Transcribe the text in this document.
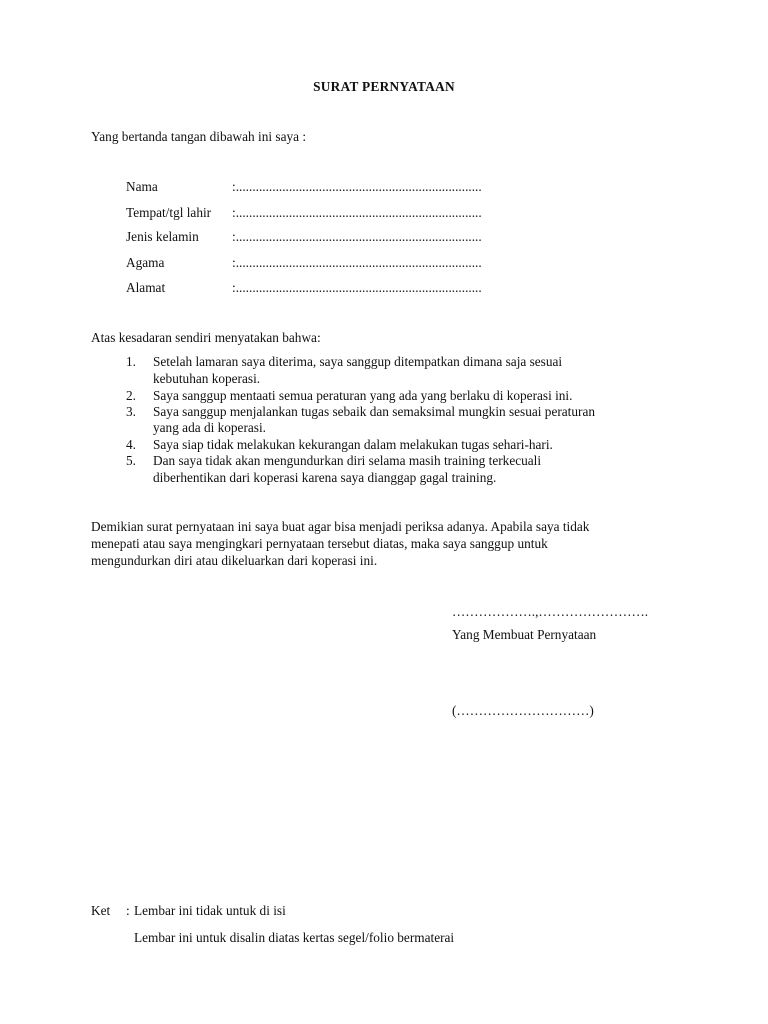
SURAT PERNYATAAN
Yang bertanda tangan dibawah ini saya :
Nama	:..........................................................................
Tempat/tgl lahir :..........................................................................
Jenis kelamin	:..........................................................................
Agama	:..........................................................................
Alamat	:..........................................................................
Atas kesadaran sendiri menyatakan bahwa:
1. Setelah lamaran saya diterima, saya sanggup ditempatkan dimana saja sesuai
kebutuhan koperasi.
2. Saya sanggup mentaati semua peraturan yang ada yang berlaku di koperasi ini.
3. Saya sanggup menjalankan tugas sebaik dan semaksimal mungkin sesuai peraturan
yang ada di koperasi.
4. Saya siap tidak melakukan kekurangan dalam melakukan tugas sehari-hari.
5. Dan saya tidak akan mengundurkan diri selama masih training terkecuali
diberhentikan dari koperasi karena saya dianggap gagal training.
Demikian surat pernyataan ini saya buat agar bisa menjadi periksa adanya. Apabila saya tidak
menepati atau saya mengingkari pernyataan tersebut diatas, maka saya sanggup untuk
mengundurkan diri atau dikeluarkan dari koperasi ini.
……………….,…………………….
Yang Membuat Pernyataan
(…………………………)
Ket : Lembar ini tidak untuk di isi
Lembar ini untuk disalin diatas kertas segel/folio bermaterai
